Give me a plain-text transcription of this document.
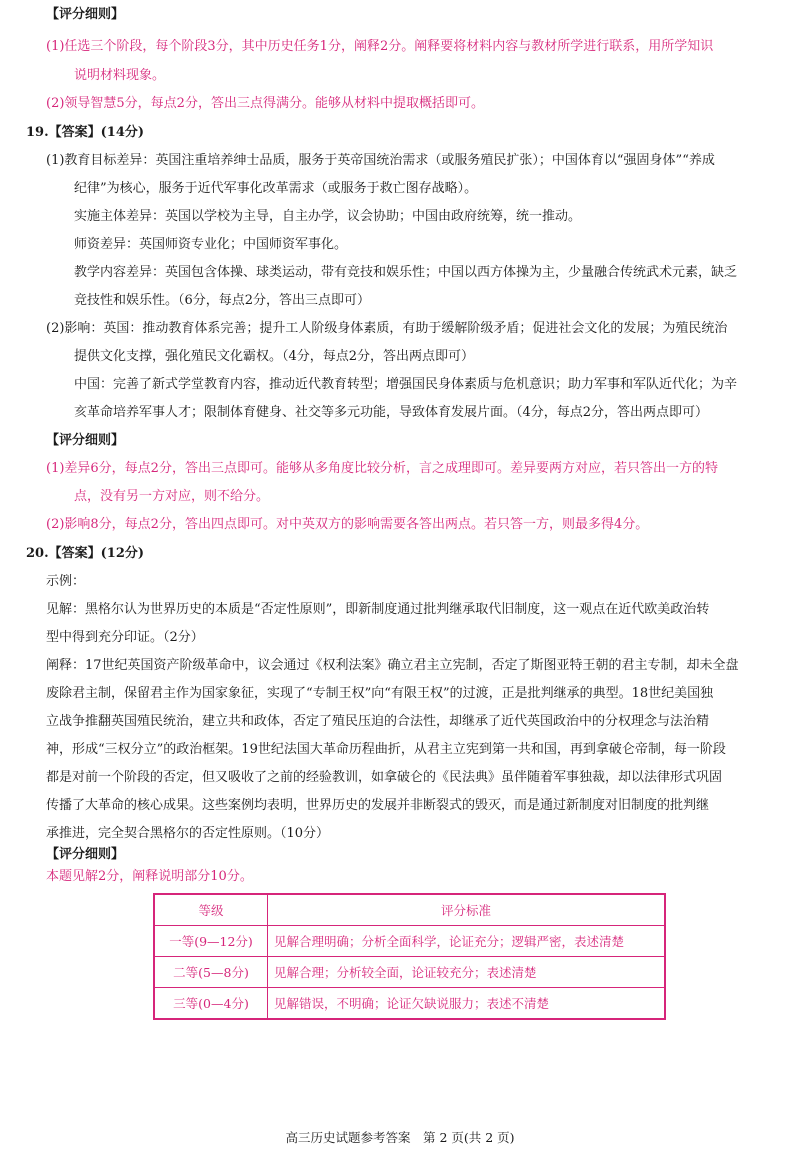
【评分细则】
(1)任选三个阶段，每个阶段3分，其中历史任务1分，阐释2分。阐释要将材料内容与教材所学进行联系，用所学知识
说明材料现象。
(2)领导智慧5分，每点2分，答出三点得满分。能够从材料中提取概括即可。
19.【答案】(14分)
(1)教育目标差异：英国注重培养绅士品质，服务于英帝国统治需求（或服务殖民扩张）；中国体育以“强固身体”“养成
纪律”为核心，服务于近代军事化改革需求（或服务于救亡图存战略）。
实施主体差异：英国以学校为主导，自主办学，议会协助；中国由政府统筹，统一推动。
师资差异：英国师资专业化；中国师资军事化。
教学内容差异：英国包含体操、球类运动，带有竞技和娱乐性；中国以西方体操为主，少量融合传统武术元素，缺乏
竞技性和娱乐性。（6分，每点2分，答出三点即可）
(2)影响：英国：推动教育体系完善；提升工人阶级身体素质，有助于缓解阶级矛盾；促进社会文化的发展；为殖民统治
提供文化支撑，强化殖民文化霸权。（4分，每点2分，答出两点即可）
中国：完善了新式学堂教育内容，推动近代教育转型；增强国民身体素质与危机意识；助力军事和军队近代化；为辛
亥革命培养军事人才；限制体育健身、社交等多元功能，导致体育发展片面。（4分，每点2分，答出两点即可）
【评分细则】
(1)差异6分，每点2分，答出三点即可。能够从多角度比较分析，言之成理即可。差异要两方对应，若只答出一方的特
点，没有另一方对应，则不给分。
(2)影响8分，每点2分，答出四点即可。对中英双方的影响需要各答出两点。若只答一方，则最多得4分。
20.【答案】(12分)
示例：
见解：黑格尔认为世界历史的本质是“否定性原则”，即新制度通过批判继承取代旧制度，这一观点在近代欧美政治转
型中得到充分印证。（2分）
阐释：17世纪英国资产阶级革命中，议会通过《权利法案》确立君主立宪制，否定了斯图亚特王朝的君主专制，却未全盘
废除君主制，保留君主作为国家象征，实现了“专制王权”向“有限王权”的过渡，正是批判继承的典型。18世纪美国独
立战争推翻英国殖民统治，建立共和政体，否定了殖民压迫的合法性，却继承了近代英国政治中的分权理念与法治精
神，形成“三权分立”的政治框架。19世纪法国大革命历程曲折，从君主立宪到第一共和国，再到拿破仑帝制，每一阶段
都是对前一个阶段的否定，但又吸收了之前的经验教训，如拿破仑的《民法典》虽伴随着军事独裁，却以法律形式巩固
传播了大革命的核心成果。这些案例均表明，世界历史的发展并非断裂式的毁灭，而是通过新制度对旧制度的批判继
承推进，完全契合黑格尔的否定性原则。（10分）
【评分细则】
本题见解2分，阐释说明部分10分。
等级	评分标准
一等(9—12分)	见解合理明确；分析全面科学，论证充分；逻辑严密，表述清楚
二等(5—8分)	见解合理；分析较全面，论证较充分；表述清楚
三等(0—4分)	见解错误，不明确；论证欠缺说服力；表述不清楚
高三历史试题参考答案　第 2 页(共 2 页)
